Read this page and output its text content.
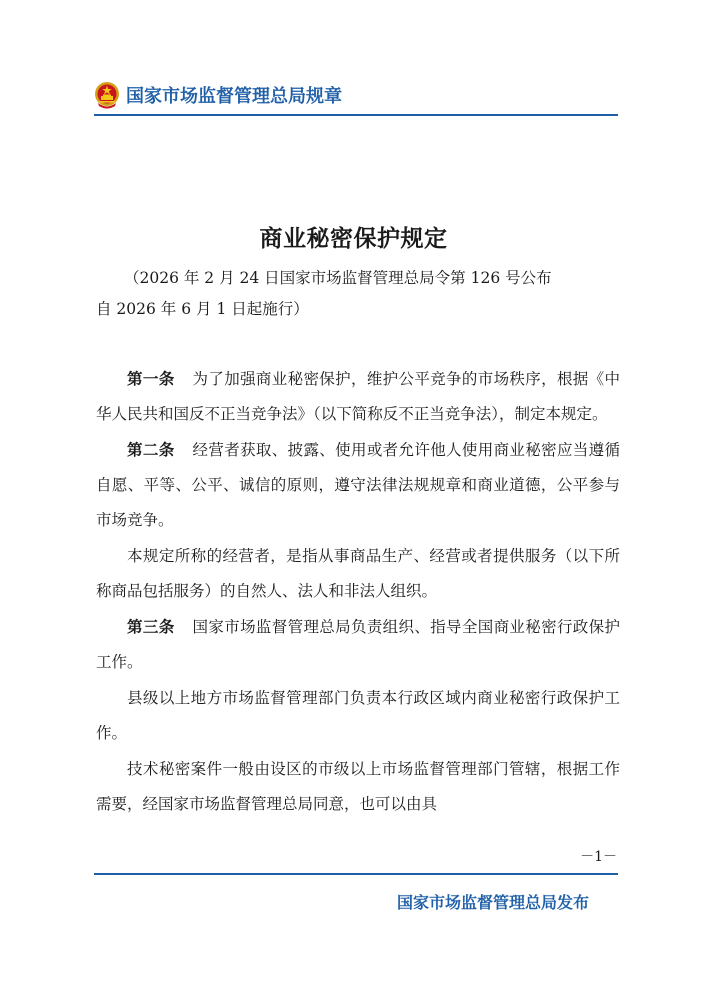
国家市场监督管理总局规章
商业秘密保护规定
（2026 年 2 月 24 日国家市场监督管理总局令第 126 号公布
自 2026 年 6 月 1 日起施行）

第一条 为了加强商业秘密保护，维护公平竞争的市场秩序，根据《中华人民共和国反不正当竞争法》（以下简称反不正当竞争法），制定本规定。

第二条 经营者获取、披露、使用或者允许他人使用商业秘密应当遵循自愿、平等、公平、诚信的原则，遵守法律法规规章和商业道德，公平参与市场竞争。

本规定所称的经营者，是指从事商品生产、经营或者提供服务（以下所称商品包括服务）的自然人、法人和非法人组织。

第三条 国家市场监督管理总局负责组织、指导全国商业秘密行政保护工作。

县级以上地方市场监督管理部门负责本行政区域内商业秘密行政保护工作。

技术秘密案件一般由设区的市级以上市场监督管理部门管辖，根据工作需要，经国家市场监督管理总局同意，也可以由具

－1－
国家市场监督管理总局发布
